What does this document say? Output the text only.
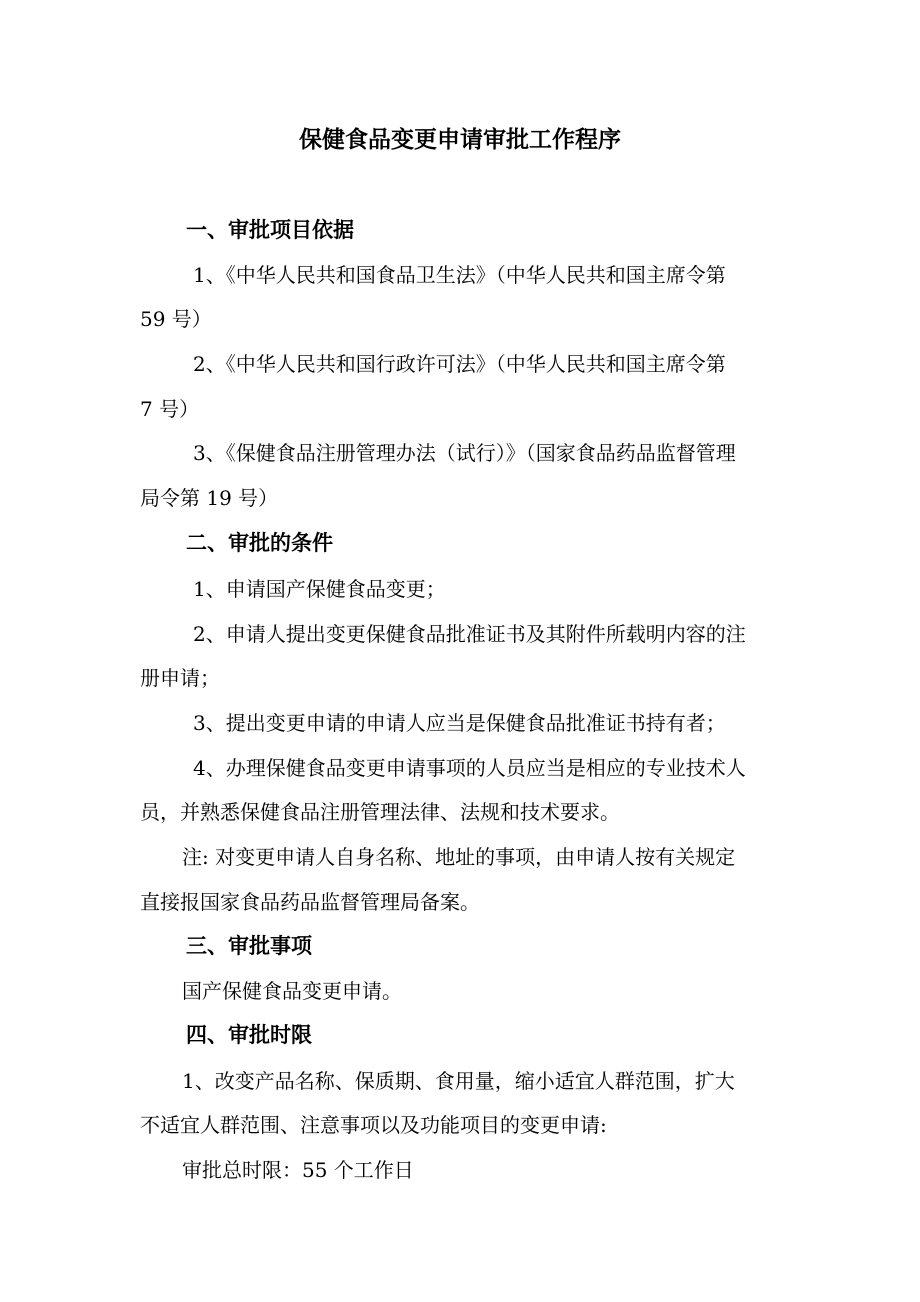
保健食品变更申请审批工作程序
一、审批项目依据
1、《中华人民共和国食品卫生法》（中华人民共和国主席令第
59 号）
2、《中华人民共和国行政许可法》（中华人民共和国主席令第
7 号）
3、《保健食品注册管理办法（试行）》（国家食品药品监督管理
局令第 19 号）
二、审批的条件
1、申请国产保健食品变更；
2、申请人提出变更保健食品批准证书及其附件所载明内容的注
册申请；
3、提出变更申请的申请人应当是保健食品批准证书持有者；
4、办理保健食品变更申请事项的人员应当是相应的专业技术人
员，并熟悉保健食品注册管理法律、法规和技术要求。
注: 对变更申请人自身名称、地址的事项，由申请人按有关规定
直接报国家食品药品监督管理局备案。
三、审批事项
国产保健食品变更申请。
四、审批时限
1、改变产品名称、保质期、食用量，缩小适宜人群范围，扩大
不适宜人群范围、注意事项以及功能项目的变更申请:
审批总时限：55 个工作日
